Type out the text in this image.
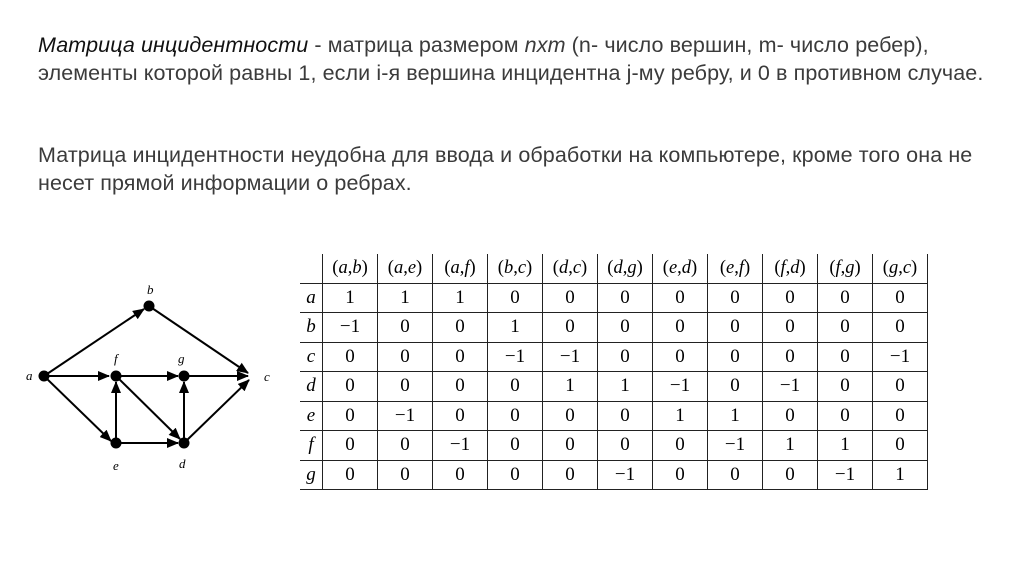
Матрица инцидентности - матрица размером nxm (n- число вершин, m- число ребер), элементы которой равны 1, если i-я вершина инцидентна j-му ребру, и 0 в противном случае.

Матрица инцидентности неудобна для ввода и обработки на компьютере, кроме того она не несет прямой информации о ребрах.

a
b
c
f	g
e	d
	(a,b)	(a,e)	(a,f)	(b,c)	(d,c)	(d,g)	(e,d)	(e,f)	(f,d)	(f,g)	(g,c)
a	1	1	1	0	0	0	0	0	0	0	0
b	−1	0	0	1	0	0	0	0	0	0	0
c	0	0	0	−1	−1	0	0	0	0	0	−1
d	0	0	0	0	1	1	−1	0	−1	0	0
e	0	−1	0	0	0	0	1	1	0	0	0
f	0	0	−1	0	0	0	0	−1	1	1	0
g	0	0	0	0	0	−1	0	0	0	−1	1
